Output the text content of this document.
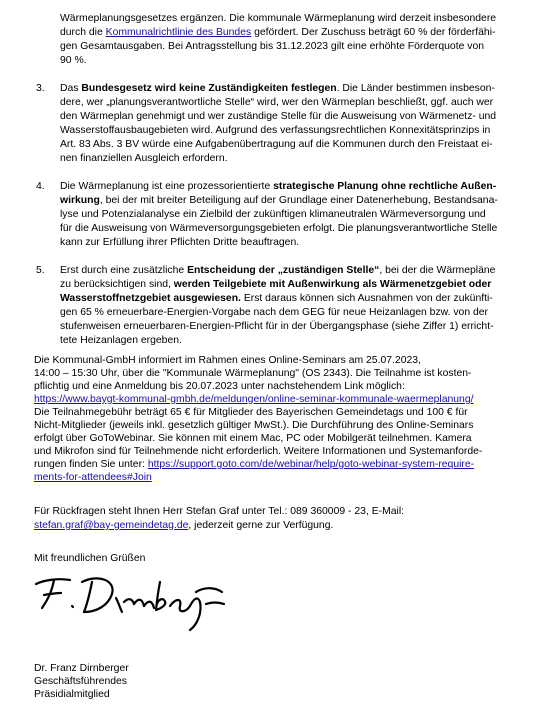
Wärmeplanungsgesetzes ergänzen. Die kommunale Wärmeplanung wird derzeit insbesondere

durch die Kommunalrichtlinie des Bundes gefördert. Der Zuschuss beträgt 60 % der förderfähi-

gen Gesamtausgaben. Bei Antragsstellung bis 31.12.2023 gilt eine erhöhte Förderquote von

90 %.

3. Das Bundesgesetz wird keine Zuständigkeiten festlegen. Die Länder bestimmen insbeson-

dere, wer „planungsverantwortliche Stelle“ wird, wer den Wärmeplan beschließt, ggf. auch wer

den Wärmeplan genehmigt und wer zuständige Stelle für die Ausweisung von Wärmenetz- und

Wasserstoffausbaugebieten wird. Aufgrund des verfassungsrechtlichen Konnexitätsprinzips in

Art. 83 Abs. 3 BV würde eine Aufgabenübertragung auf die Kommunen durch den Freistaat ei-

nen finanziellen Ausgleich erfordern.

4. Die Wärmeplanung ist eine prozessorientierte strategische Planung ohne rechtliche Außen-

wirkung, bei der mit breiter Beteiligung auf der Grundlage einer Datenerhebung, Bestandsana-

lyse und Potenzialanalyse ein Zielbild der zukünftigen klimaneutralen Wärmeversorgung und

für die Ausweisung von Wärmeversorgungsgebieten erfolgt. Die planungsverantwortliche Stelle

kann zur Erfüllung ihrer Pflichten Dritte beauftragen.

5. Erst durch eine zusätzliche Entscheidung der „zuständigen Stelle“, bei der die Wärmepläne

zu berücksichtigen sind, werden Teilgebiete mit Außenwirkung als Wärmenetzgebiet oder

Wasserstoffnetzgebiet ausgewiesen. Erst daraus können sich Ausnahmen von der zukünfti-

gen 65 % erneuerbare-Energien-Vorgabe nach dem GEG für neue Heizanlagen bzw. von der

stufenweisen erneuerbaren-Energien-Pflicht für in der Übergangsphase (siehe Ziffer 1) erricht-

tete Heizanlagen ergeben.

Die Kommunal-GmbH informiert im Rahmen eines Online-Seminars am 25.07.2023,

14:00 – 15:30 Uhr, über die "Kommunale Wärmeplanung" (OS 2343). Die Teilnahme ist kosten-

pflichtig und eine Anmeldung bis 20.07.2023 unter nachstehendem Link möglich:

https://www.baygt-kommunal-gmbh.de/meldungen/online-seminar-kommunale-waermeplanung/

Die Teilnahmegebühr beträgt 65 € für Mitglieder des Bayerischen Gemeindetags und 100 € für

Nicht-Mitglieder (jeweils inkl. gesetzlich gültiger MwSt.). Die Durchführung des Online-Seminars

erfolgt über GoToWebinar. Sie können mit einem Mac, PC oder Mobilgerät teilnehmen. Kamera

und Mikrofon sind für Teilnehmende nicht erforderlich. Weitere Informationen und Systemanforde-

rungen finden Sie unter: https://support.goto.com/de/webinar/help/goto-webinar-system-require-

ments-for-attendees#Join

Für Rückfragen steht Ihnen Herr Stefan Graf unter Tel.: 089 360009 - 23, E-Mail:

stefan.graf@bay-gemeindetag.de, jederzeit gerne zur Verfügung.

Mit freundlichen Grüßen

Dr. Franz Dirnberger

Geschäftsführendes

Präsidialmitglied
